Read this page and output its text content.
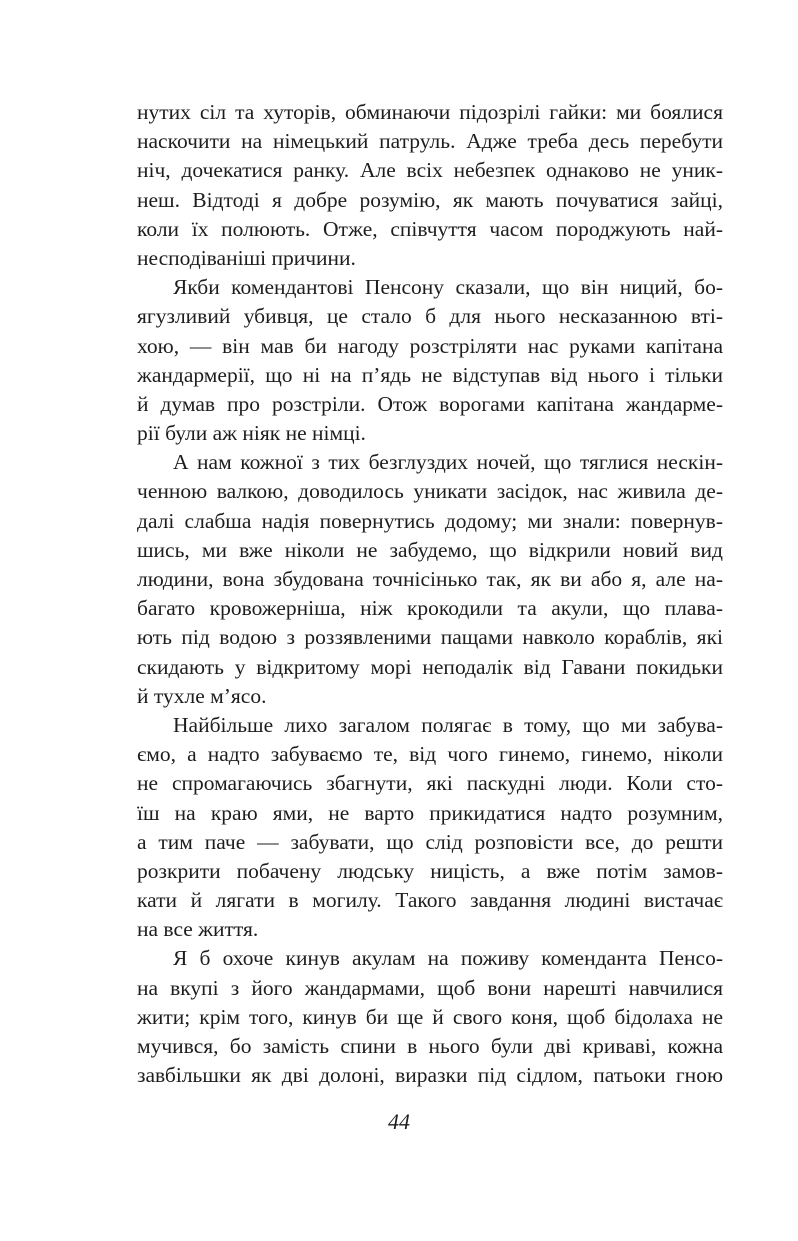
нутих сіл та хуторів, обминаючи підозрілі гайки: ми боялися
наскочити на німецький патруль. Адже треба десь перебути
ніч, дочекатися ранку. Але всіх небезпек однаково не уник-
неш. Відтоді я добре розумію, як мають почуватися зайці,
коли їх полюють. Отже, співчуття часом породжують най-
несподіваніші причини.
Якби комендантові Пенсону сказали, що він ниций, бо-
ягузливий убивця, це стало б для нього несказанною вті-
хою, — він мав би нагоду розстріляти нас руками капітана
жандармерії, що ні на п’ядь не відступав від нього і тільки
й думав про розстріли. Отож ворогами капітана жандарме-
рії були аж ніяк не німці.
А нам кожної з тих безглуздих ночей, що тяглися нескін-
ченною валкою, доводилось уникати засідок, нас живила де-
далі слабша надія повернутись додому; ми знали: повернув-
шись, ми вже ніколи не забудемо, що відкрили новий вид
людини, вона збудована точнісінько так, як ви або я, але на-
багато кровожерніша, ніж крокодили та акули, що плава-
ють під водою з роззявленими пащами навколо кораблів, які
скидають у відкритому морі неподалік від Гавани покидьки
й тухле м’ясо.
Найбільше лихо загалом полягає в тому, що ми забува-
ємо, а надто забуваємо те, від чого гинемо, гинемо, ніколи
не спромагаючись збагнути, які паскудні люди. Коли сто-
їш на краю ями, не варто прикидатися надто розумним,
а тим паче — забувати, що слід розповісти все, до решти
розкрити побачену людську ницість, а вже потім замов-
кати й лягати в могилу. Такого завдання людині вистачає
на все життя.
Я б охоче кинув акулам на поживу коменданта Пенсо-
на вкупі з його жандармами, щоб вони нарешті навчилися
жити; крім того, кинув би ще й свого коня, щоб бідолаха не
мучився, бо замість спини в нього були дві криваві, кожна
завбільшки як дві долоні, виразки під сідлом, патьоки гною
44
